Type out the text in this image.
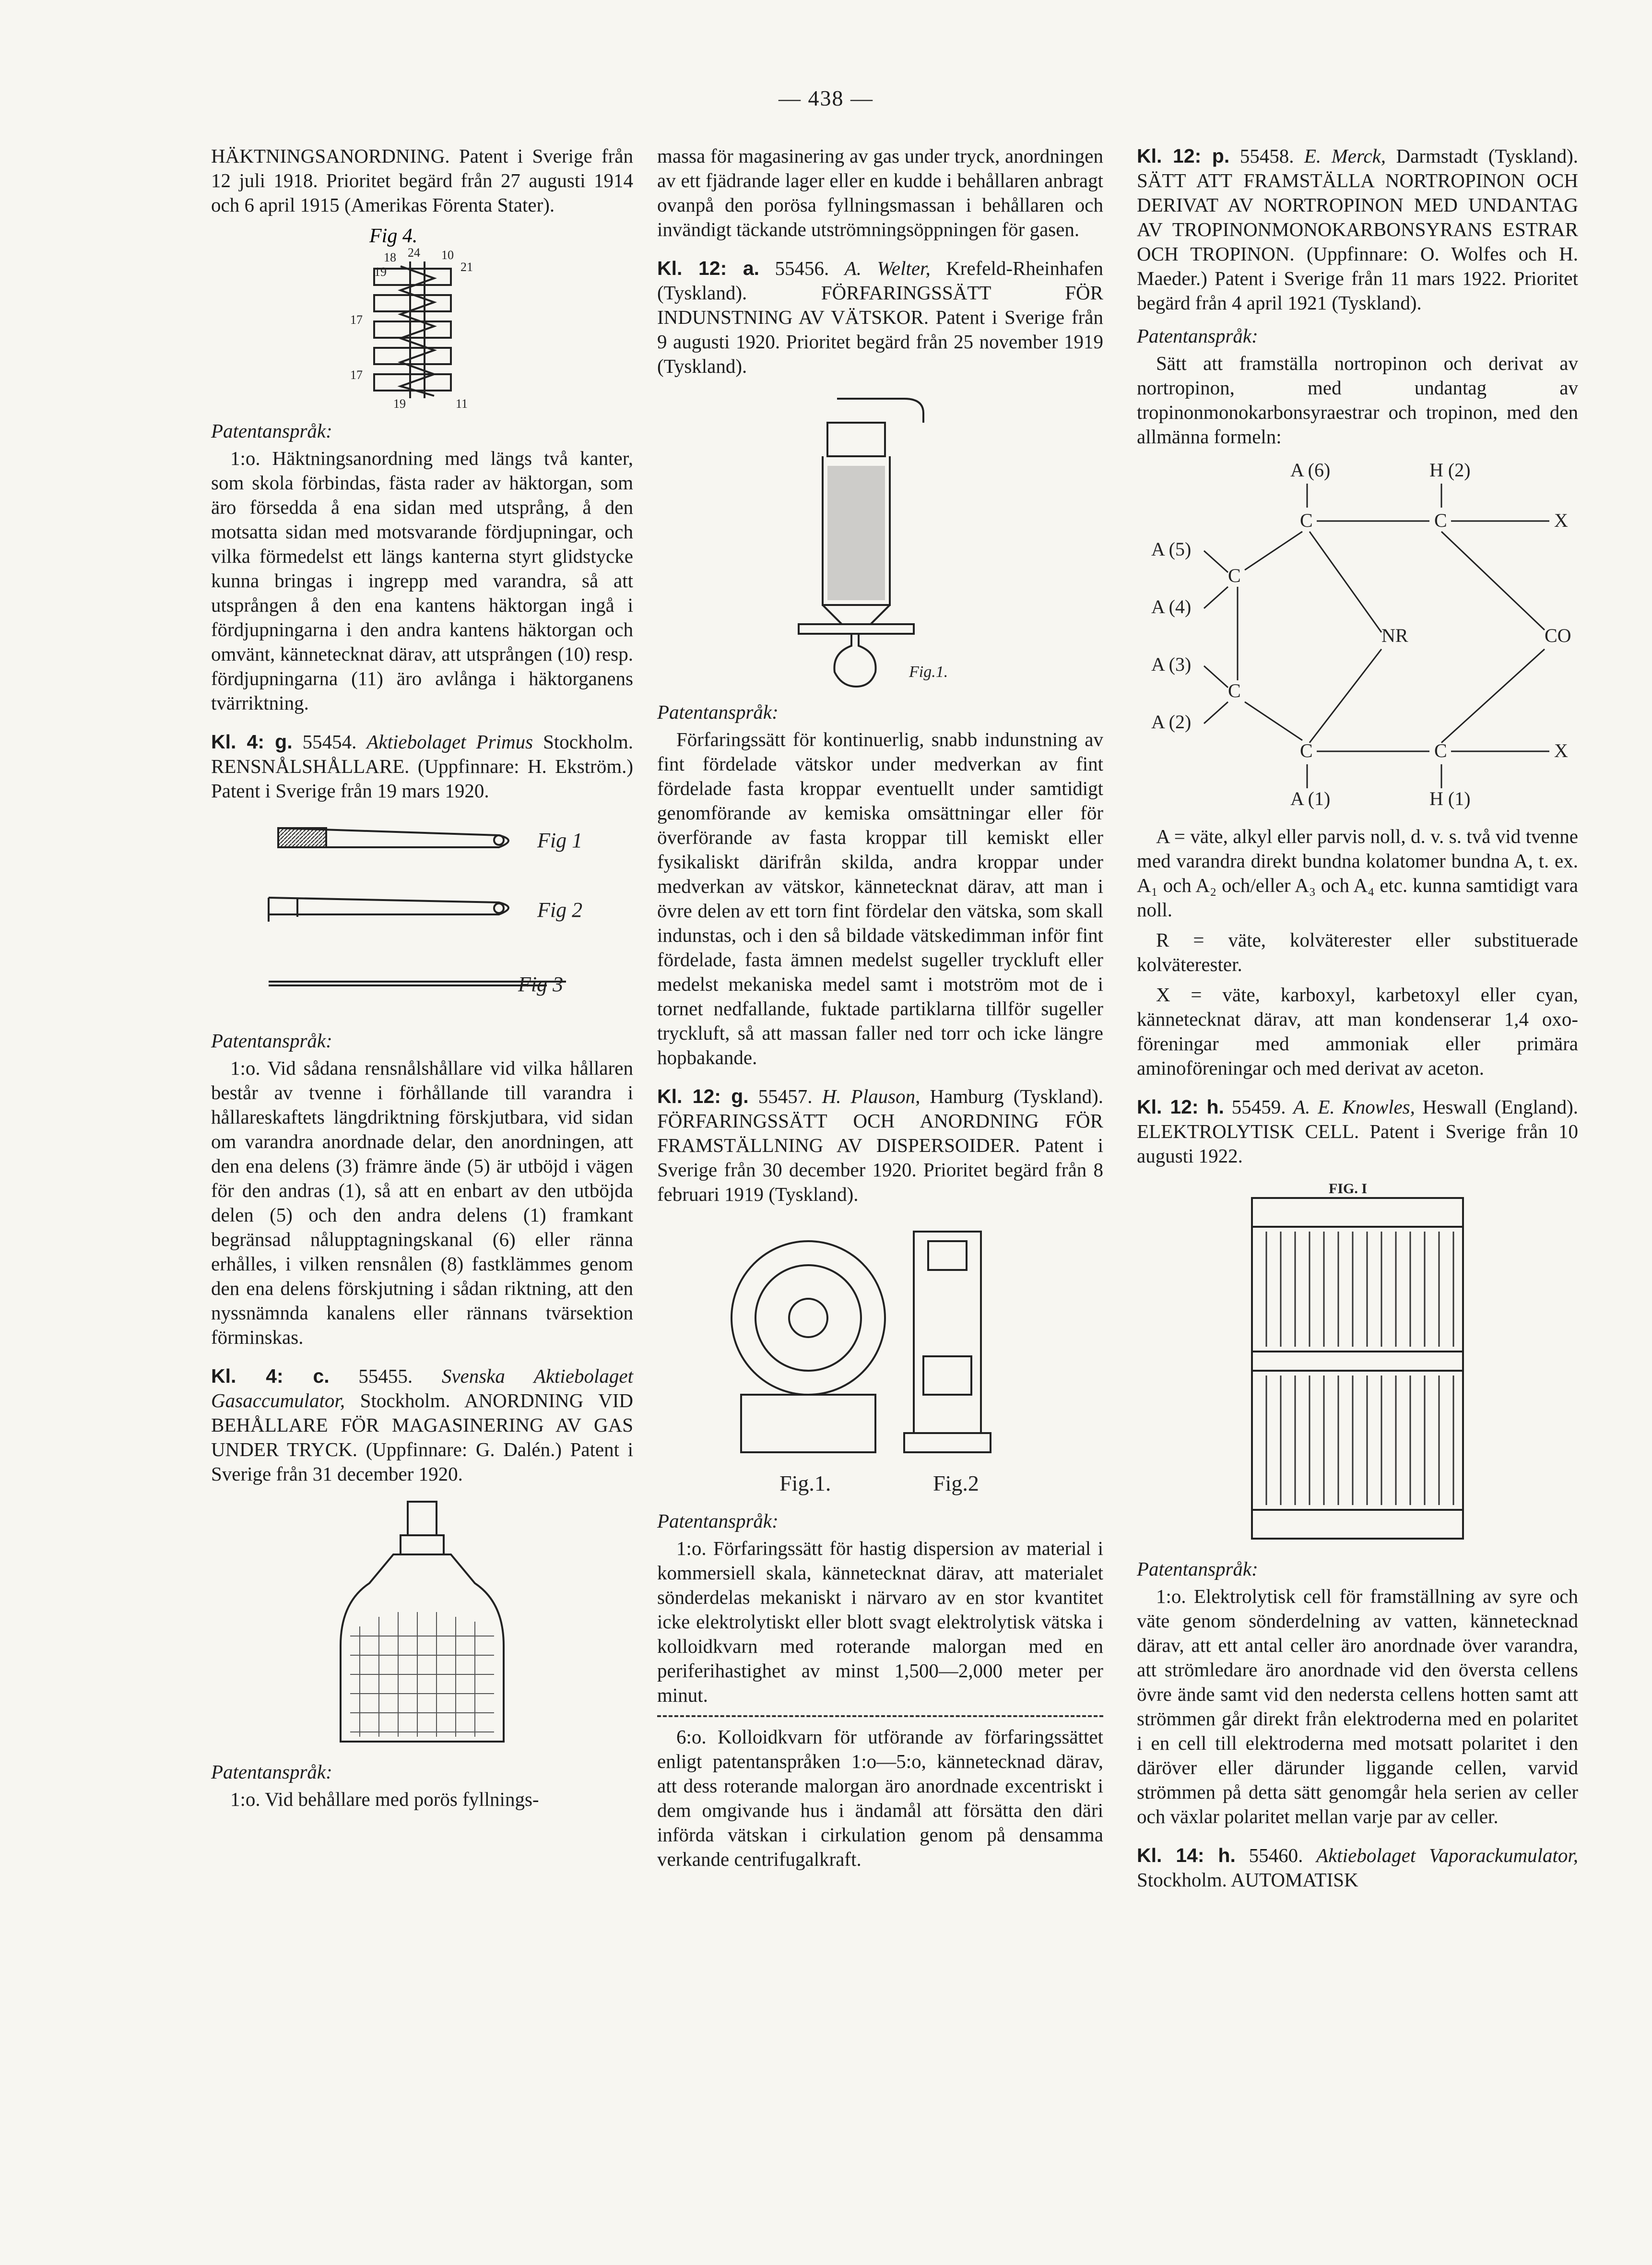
— 438 —

HÄKTNINGSANORDNING. Patent i Sverige från 12 juli 1918. Prioritet begärd från 27 augusti 1914 och 6 april 1915 (Amerikas Förenta Stater).

Fig 4.
18 24 10
21
19
17
17
19	11
Patentanspråk:

1:o. Häktningsanordning med längs två kanter, som skola förbindas, fästa rader av häktorgan, som äro försedda å ena sidan med utsprång, å den motsatta sidan med motsvarande fördjupningar, och vilka förmedelst ett längs kanterna styrt glidstycke kunna bringas i ingrepp med varandra, så att utsprången å den ena kantens häktorgan ingå i fördjupningarna i den andra kantens häktorgan och omvänt, kännetecknat därav, att utsprången (10) resp. fördjupningarna (11) äro avlånga i häktorganens tvärriktning.

Kl. 4: g. 55454. Aktiebolaget Primus Stockholm. RENSNÅLSHÅLLARE. (Uppfinnare: H. Ekström.) Patent i Sverige från 19 mars 1920.

Fig 1
Fig 2
Fig 3
Patentanspråk:

1:o. Vid sådana rensnålshållare vid vilka hållaren består av tvenne i förhållande till varandra i hållareskaftets längdriktning förskjutbara, vid sidan om varandra anordnade delar, den anordningen, att den ena delens (3) främre ände (5) är utböjd i vägen för den andras (1), så att en enbart av den utböjda delen (5) och den andra delens (1) framkant begränsad nålupptagningskanal (6) eller ränna erhålles, i vilken rensnålen (8) fastklämmes genom den ena delens förskjutning i sådan riktning, att den nyssnämnda kanalens eller rännans tvärsektion förminskas.

Kl. 4: c. 55455. Svenska Aktiebolaget Gasaccumulator, Stockholm. ANORDNING VID BEHÅLLARE FÖR MAGASINERING AV GAS UNDER TRYCK. (Uppfinnare: G. Dalén.) Patent i Sverige från 31 december 1920.

Patentanspråk:

1:o. Vid behållare med porös fyllnings-

massa för magasinering av gas under tryck, anordningen av ett fjädrande lager eller en kudde i behållaren anbragt ovanpå den porösa fyllningsmassan i behållaren och invändigt täckande utströmningsöppningen för gasen.

Kl. 12: a. 55456. A. Welter, Krefeld-Rheinhafen (Tyskland). FÖRFARINGSSÄTT FÖR INDUNSTNING AV VÄTSKOR. Patent i Sverige från 9 augusti 1920. Prioritet begärd från 25 november 1919 (Tyskland).

Fig.1.
Patentanspråk:

Förfaringssätt för kontinuerlig, snabb indunstning av fint fördelade vätskor under medverkan av fint fördelade fasta kroppar eventuellt under samtidigt genomförande av kemiska omsättningar eller för överförande av fasta kroppar till kemiskt eller fysikaliskt därifrån skilda, andra kroppar under medverkan av vätskor, kännetecknat därav, att man i övre delen av ett torn fint fördelar den vätska, som skall indunstas, och i den så bildade vätskedimman inför fint fördelade, fasta ämnen medelst sugeller tryckluft eller medelst mekaniska medel samt i motström mot de i tornet nedfallande, fuktade partiklarna tillför sugeller tryckluft, så att massan faller ned torr och icke längre hopbakande.

Kl. 12: g. 55457. H. Plauson, Hamburg (Tyskland). FÖRFARINGSSÄTT OCH ANORDNING FÖR FRAMSTÄLLNING AV DISPERSOIDER. Patent i Sverige från 30 december 1920. Prioritet begärd från 8 februari 1919 (Tyskland).

Fig.1.	Fig.2
Patentanspråk:

1:o. Förfaringssätt för hastig dispersion av material i kommersiell skala, kännetecknat därav, att materialet sönderdelas mekaniskt i närvaro av en stor kvantitet icke elektrolytiskt eller blott svagt elektrolytisk vätska i kolloidkvarn med roterande malorgan med en periferihastighet av minst 1,500—2,000 meter per minut.

6:o. Kolloidkvarn för utförande av förfaringssättet enligt patentanspråken 1:o—5:o, kännetecknad därav, att dess roterande malorgan äro anordnade excentriskt i dem omgivande hus i ändamål att försätta den däri införda vätskan i cirkulation genom på densamma verkande centrifugalkraft.

Kl. 12: p. 55458. E. Merck, Darmstadt (Tyskland). SÄTT ATT FRAMSTÄLLA NORTROPINON OCH DERIVAT AV NORTROPINON MED UNDANTAG AV TROPINONMONOKARBONSYRANS ESTRAR OCH TROPINON. (Uppfinnare: O. Wolfes och H. Maeder.) Patent i Sverige från 11 mars 1922. Prioritet begärd från 4 april 1921 (Tyskland).

Patentanspråk:

Sätt att framställa nortropinon och derivat av nortropinon, med undantag av tropinonmonokarbonsyraestrar och tropinon, med den allmänna formeln:

A (6)	H (2)
C	C	X
A (5)
C
A (4)
NR	CO
A (3)
C
A (2)
C	C	X
A (1)	H (1)

A = väte, alkyl eller parvis noll, d. v. s. två vid tvenne med varandra direkt bundna kolatomer bundna A, t. ex. A₁ och A₂ och/eller A₃ och A₄ etc. kunna samtidigt vara noll.

R = väte, kolväterester eller substituerade kolväterester.

X = väte, karboxyl, karbetoxyl eller cyan, kännetecknat därav, att man kondenserar 1,4 oxo-föreningar med ammoniak eller primära aminoföreningar och med derivat av aceton.

Kl. 12: h. 55459. A. E. Knowles, Heswall (England). ELEKTROLYTISK CELL. Patent i Sverige från 10 augusti 1922.

FIG. I
Patentanspråk:

1:o. Elektrolytisk cell för framställning av syre och väte genom sönderdelning av vatten, kännetecknad därav, att ett antal celler äro anordnade över varandra, att strömledare äro anordnade vid den översta cellens övre ände samt vid den nedersta cellens hotten samt att strömmen går direkt från elektroderna med en polaritet i en cell till elektroderna med motsatt polaritet i den däröver eller därunder liggande cellen, varvid strömmen på detta sätt genomgår hela serien av celler och växlar polaritet mellan varje par av celler.

Kl. 14: h. 55460. Aktiebolaget Vaporackumulator, Stockholm. AUTOMATISK
